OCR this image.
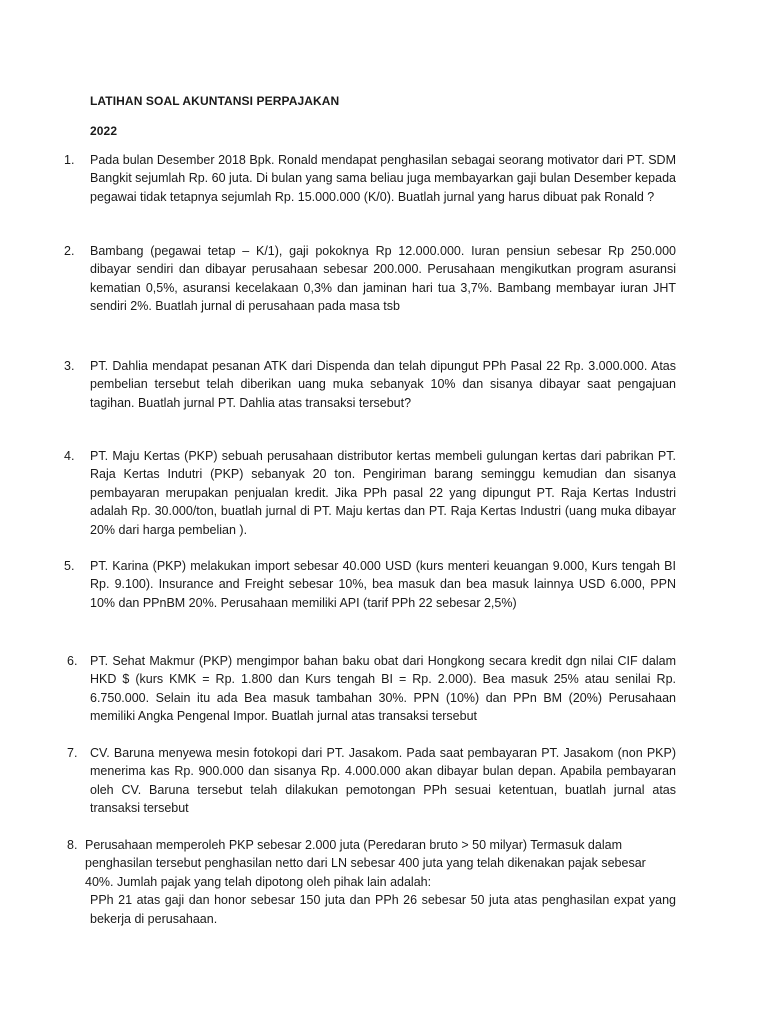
LATIHAN SOAL AKUNTANSI PERPAJAKAN
2022
1. Pada bulan Desember 2018 Bpk. Ronald mendapat penghasilan sebagai seorang motivator dari PT. SDM Bangkit sejumlah Rp. 60 juta. Di bulan yang sama beliau juga membayarkan gaji bulan Desember kepada pegawai tidak tetapnya sejumlah Rp. 15.000.000 (K/0). Buatlah jurnal yang harus dibuat pak Ronald ?
2. Bambang (pegawai tetap – K/1), gaji pokoknya Rp 12.000.000. Iuran pensiun sebesar Rp 250.000 dibayar sendiri dan dibayar perusahaan sebesar 200.000. Perusahaan mengikutkan program asuransi kematian 0,5%, asuransi kecelakaan 0,3% dan jaminan hari tua 3,7%. Bambang membayar iuran JHT sendiri 2%. Buatlah jurnal di perusahaan pada masa tsb
3. PT. Dahlia mendapat pesanan ATK dari Dispenda dan telah dipungut PPh Pasal 22 Rp. 3.000.000. Atas pembelian tersebut telah diberikan uang muka sebanyak 10% dan sisanya dibayar saat pengajuan tagihan. Buatlah jurnal PT. Dahlia atas transaksi tersebut?
4. PT. Maju Kertas (PKP) sebuah perusahaan distributor kertas membeli gulungan kertas dari pabrikan PT. Raja Kertas Indutri (PKP) sebanyak 20 ton. Pengiriman barang seminggu kemudian dan sisanya pembayaran merupakan penjualan kredit. Jika PPh pasal 22 yang dipungut PT. Raja Kertas Industri adalah Rp. 30.000/ton, buatlah jurnal di PT. Maju kertas dan PT. Raja Kertas Industri (uang muka dibayar 20% dari harga pembelian ).
5. PT. Karina (PKP) melakukan import sebesar 40.000 USD (kurs menteri keuangan 9.000, Kurs tengah BI Rp. 9.100). Insurance and Freight sebesar 10%, bea masuk dan bea masuk lainnya USD 6.000, PPN 10% dan PPnBM 20%. Perusahaan memiliki API (tarif PPh 22 sebesar 2,5%)
6. PT. Sehat Makmur (PKP) mengimpor bahan baku obat dari Hongkong secara kredit dgn nilai CIF dalam HKD $ (kurs KMK = Rp. 1.800 dan Kurs tengah BI = Rp. 2.000). Bea masuk 25% atau senilai Rp. 6.750.000. Selain itu ada Bea masuk tambahan 30%. PPN (10%) dan PPn BM (20%) Perusahaan memiliki Angka Pengenal Impor. Buatlah jurnal atas transaksi tersebut
7. CV. Baruna menyewa mesin fotokopi dari PT. Jasakom. Pada saat pembayaran PT. Jasakom (non PKP) menerima kas Rp. 900.000 dan sisanya Rp. 4.000.000 akan dibayar bulan depan. Apabila pembayaran oleh CV. Baruna tersebut telah dilakukan pemotongan PPh sesuai ketentuan, buatlah jurnal atas transaksi tersebut
8. Perusahaan memperoleh PKP sebesar 2.000 juta (Peredaran bruto > 50 milyar) Termasuk dalam penghasilan tersebut penghasilan netto dari LN sebesar 400 juta yang telah dikenakan pajak sebesar 40%. Jumlah pajak yang telah dipotong oleh pihak lain adalah:
PPh 21 atas gaji dan honor sebesar 150 juta dan PPh 26 sebesar 50 juta atas penghasilan expat yang bekerja di perusahaan.
